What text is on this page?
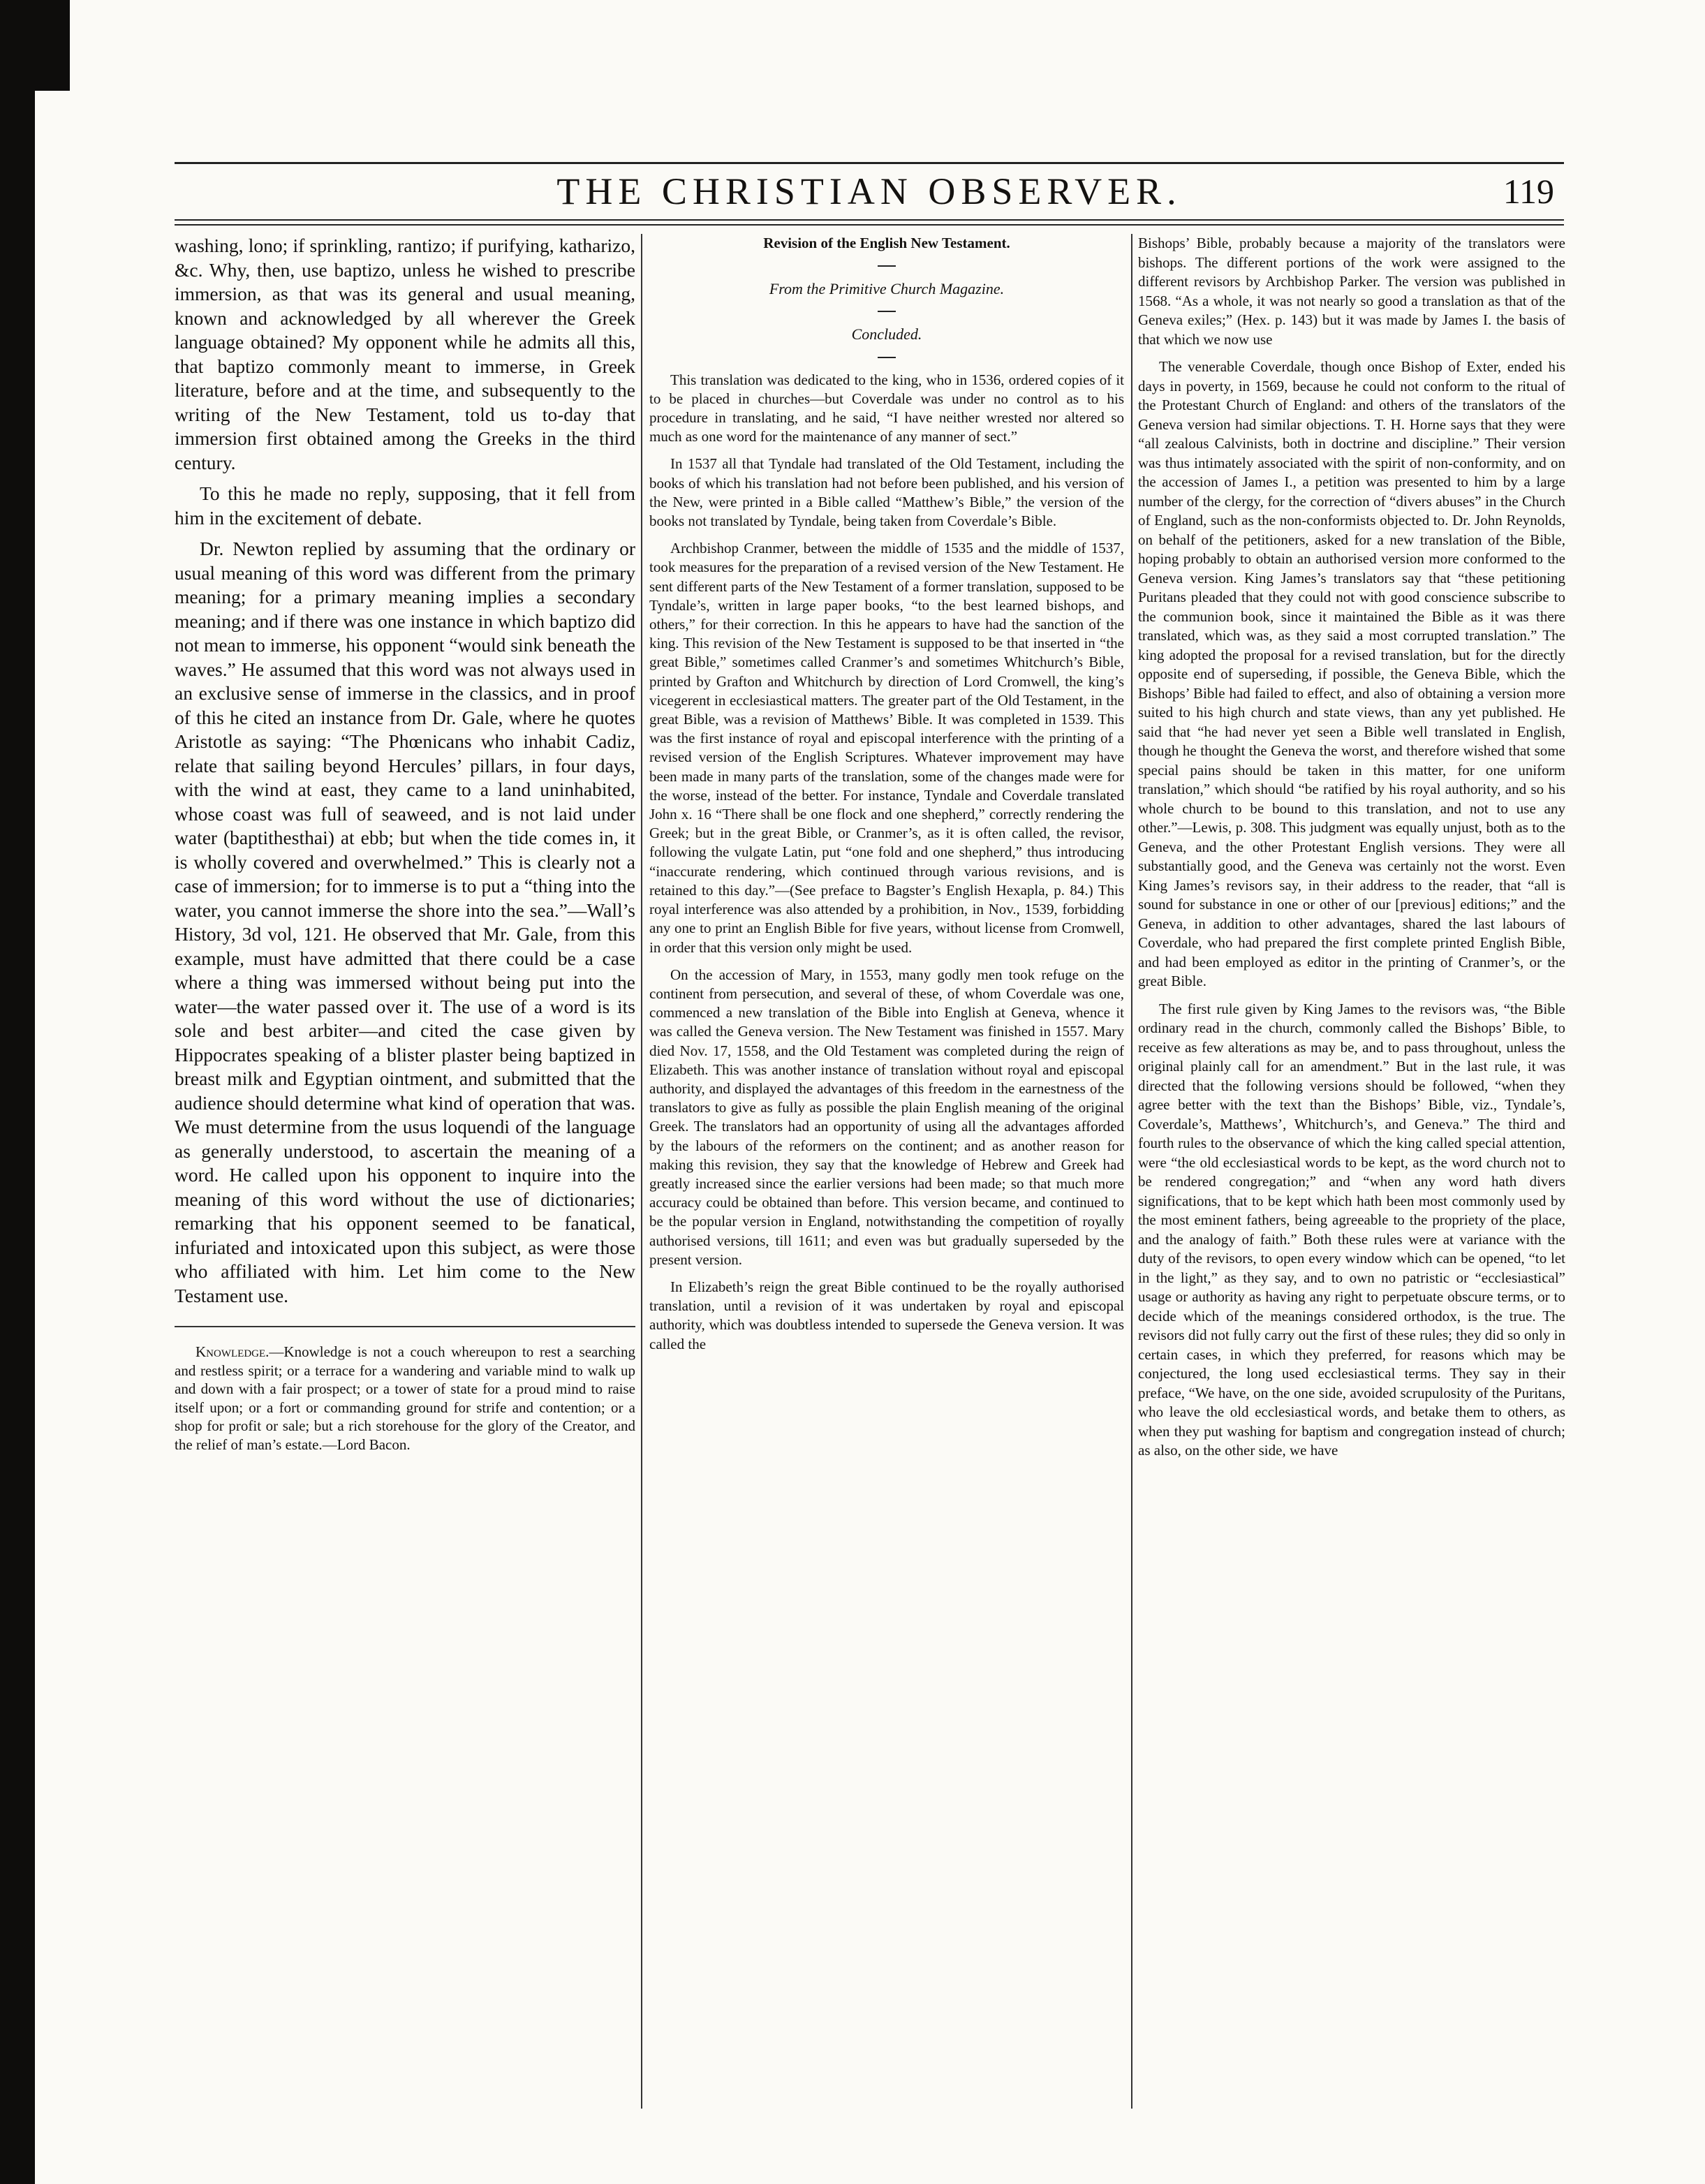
THE CHRISTIAN OBSERVER.	119

washing, lono; if sprinkling, rantizo; if purifying, katharizo, &c. Why, then, use baptizo, unless he wished to prescribe immersion, as that was its general and usual meaning, known and acknowledged by all wherever the Greek language obtained? My opponent while he admits all this, that baptizo commonly meant to immerse, in Greek literature, before and at the time, and subsequently to the writing of the New Testament, told us to-day that immersion first obtained among the Greeks in the third century.

To this he made no reply, supposing, that it fell from him in the excitement of debate.

Dr. Newton replied by assuming that the ordinary or usual meaning of this word was different from the primary meaning; for a primary meaning implies a secondary meaning; and if there was one instance in which baptizo did not mean to immerse, his opponent “would sink beneath the waves.” He assumed that this word was not always used in an exclusive sense of immerse in the classics, and in proof of this he cited an instance from Dr. Gale, where he quotes Aristotle as saying: “The Phœnicans who inhabit Cadiz, relate that sailing beyond Hercules’ pillars, in four days, with the wind at east, they came to a land uninhabited, whose coast was full of seaweed, and is not laid under water (baptithesthai) at ebb; but when the tide comes in, it is wholly covered and overwhelmed.” This is clearly not a case of immersion; for to immerse is to put a “thing into the water, you cannot immerse the shore into the sea.”—Wall’s History, 3d vol, 121. He observed that Mr. Gale, from this example, must have admitted that there could be a case where a thing was immersed without being put into the water—the water passed over it. The use of a word is its sole and best arbiter—and cited the case given by Hippocrates speaking of a blister plaster being baptized in breast milk and Egyptian ointment, and submitted that the audience should determine what kind of operation that was. We must determine from the usus loquendi of the language as generally understood, to ascertain the meaning of a word. He called upon his opponent to inquire into the meaning of this word without the use of dictionaries; remarking that his opponent seemed to be fanatical, infuriated and intoxicated upon this subject, as were those who affiliated with him. Let him come to the New Testament use.

Knowledge.—Knowledge is not a couch whereupon to rest a searching and restless spirit; or a terrace for a wandering and variable mind to walk up and down with a fair prospect; or a tower of state for a proud mind to raise itself upon; or a fort or commanding ground for strife and contention; or a shop for profit or sale; but a rich storehouse for the glory of the Creator, and the relief of man’s estate.—Lord Bacon.

Revision of the English New Testament.
From the Primitive Church Magazine.
Concluded.

This translation was dedicated to the king, who in 1536, ordered copies of it to be placed in churches—but Coverdale was under no control as to his procedure in translating, and he said, “I have neither wrested nor altered so much as one word for the maintenance of any manner of sect.”

In 1537 all that Tyndale had translated of the Old Testament, including the books of which his translation had not before been published, and his version of the New, were printed in a Bible called “Matthew’s Bible,” the version of the books not translated by Tyndale, being taken from Coverdale’s Bible.

Archbishop Cranmer, between the middle of 1535 and the middle of 1537, took measures for the preparation of a revised version of the New Testament. He sent different parts of the New Testament of a former translation, supposed to be Tyndale’s, written in large paper books, “to the best learned bishops, and others,” for their correction. In this he appears to have had the sanction of the king. This revision of the New Testament is supposed to be that inserted in “the great Bible,” sometimes called Cranmer’s and sometimes Whitchurch’s Bible, printed by Grafton and Whitchurch by direction of Lord Cromwell, the king’s vicegerent in ecclesiastical matters. The greater part of the Old Testament, in the great Bible, was a revision of Matthews’ Bible. It was completed in 1539. This was the first instance of royal and episcopal interference with the printing of a revised version of the English Scriptures. Whatever improvement may have been made in many parts of the translation, some of the changes made were for the worse, instead of the better. For instance, Tyndale and Coverdale translated John x. 16 “There shall be one flock and one shepherd,” correctly rendering the Greek; but in the great Bible, or Cranmer’s, as it is often called, the revisor, following the vulgate Latin, put “one fold and one shepherd,” thus introducing “inaccurate rendering, which continued through various revisions, and is retained to this day.”—(See preface to Bagster’s English Hexapla, p. 84.) This royal interference was also attended by a prohibition, in Nov., 1539, forbidding any one to print an English Bible for five years, without license from Cromwell, in order that this version only might be used.

On the accession of Mary, in 1553, many godly men took refuge on the continent from persecution, and several of these, of whom Coverdale was one, commenced a new translation of the Bible into English at Geneva, whence it was called the Geneva version. The New Testament was finished in 1557. Mary died Nov. 17, 1558, and the Old Testament was completed during the reign of Elizabeth. This was another instance of translation without royal and episcopal authority, and displayed the advantages of this freedom in the earnestness of the translators to give as fully as possible the plain English meaning of the original Greek. The translators had an opportunity of using all the advantages afforded by the labours of the reformers on the continent; and as another reason for making this revision, they say that the knowledge of Hebrew and Greek had greatly increased since the earlier versions had been made; so that much more accuracy could be obtained than before. This version became, and continued to be the popular version in England, notwithstanding the competition of royally authorised versions, till 1611; and even was but gradually superseded by the present version.

In Elizabeth’s reign the great Bible continued to be the royally authorised translation, until a revision of it was undertaken by royal and episcopal authority, which was doubtless intended to supersede the Geneva version. It was called the

Bishops’ Bible, probably because a majority of the translators were bishops. The different portions of the work were assigned to the different revisors by Archbishop Parker. The version was published in 1568. “As a whole, it was not nearly so good a translation as that of the Geneva exiles;” (Hex. p. 143) but it was made by James I. the basis of that which we now use

The venerable Coverdale, though once Bishop of Exter, ended his days in poverty, in 1569, because he could not conform to the ritual of the Protestant Church of England: and others of the translators of the Geneva version had similar objections. T. H. Horne says that they were “all zealous Calvinists, both in doctrine and discipline.” Their version was thus intimately associated with the spirit of non-conformity, and on the accession of James I., a petition was presented to him by a large number of the clergy, for the correction of “divers abuses” in the Church of England, such as the non-conformists objected to. Dr. John Reynolds, on behalf of the petitioners, asked for a new translation of the Bible, hoping probably to obtain an authorised version more conformed to the Geneva version. King James’s translators say that “these petitioning Puritans pleaded that they could not with good conscience subscribe to the communion book, since it maintained the Bible as it was there translated, which was, as they said a most corrupted translation.” The king adopted the proposal for a revised translation, but for the directly opposite end of superseding, if possible, the Geneva Bible, which the Bishops’ Bible had failed to effect, and also of obtaining a version more suited to his high church and state views, than any yet published. He said that “he had never yet seen a Bible well translated in English, though he thought the Geneva the worst, and therefore wished that some special pains should be taken in this matter, for one uniform translation,” which should “be ratified by his royal authority, and so his whole church to be bound to this translation, and not to use any other.”—Lewis, p. 308. This judgment was equally unjust, both as to the Geneva, and the other Protestant English versions. They were all substantially good, and the Geneva was certainly not the worst. Even King James’s revisors say, in their address to the reader, that “all is sound for substance in one or other of our [previous] editions;” and the Geneva, in addition to other advantages, shared the last labours of Coverdale, who had prepared the first complete printed English Bible, and had been employed as editor in the printing of Cranmer’s, or the great Bible.

The first rule given by King James to the revisors was, “the Bible ordinary read in the church, commonly called the Bishops’ Bible, to receive as few alterations as may be, and to pass throughout, unless the original plainly call for an amendment.” But in the last rule, it was directed that the following versions should be followed, “when they agree better with the text than the Bishops’ Bible, viz., Tyndale’s, Coverdale’s, Matthews’, Whitchurch’s, and Geneva.” The third and fourth rules to the observance of which the king called special attention, were “the old ecclesiastical words to be kept, as the word church not to be rendered congregation;” and “when any word hath divers significations, that to be kept which hath been most commonly used by the most eminent fathers, being agreeable to the propriety of the place, and the analogy of faith.” Both these rules were at variance with the duty of the revisors, to open every window which can be opened, “to let in the light,” as they say, and to own no patristic or “ecclesiastical” usage or authority as having any right to perpetuate obscure terms, or to decide which of the meanings considered orthodox, is the true. The revisors did not fully carry out the first of these rules; they did so only in certain cases, in which they preferred, for reasons which may be conjectured, the long used ecclesiastical terms. They say in their preface, “We have, on the one side, avoided scrupulosity of the Puritans, who leave the old ecclesiastical words, and betake them to others, as when they put washing for baptism and congregation instead of church; as also, on the other side, we have
